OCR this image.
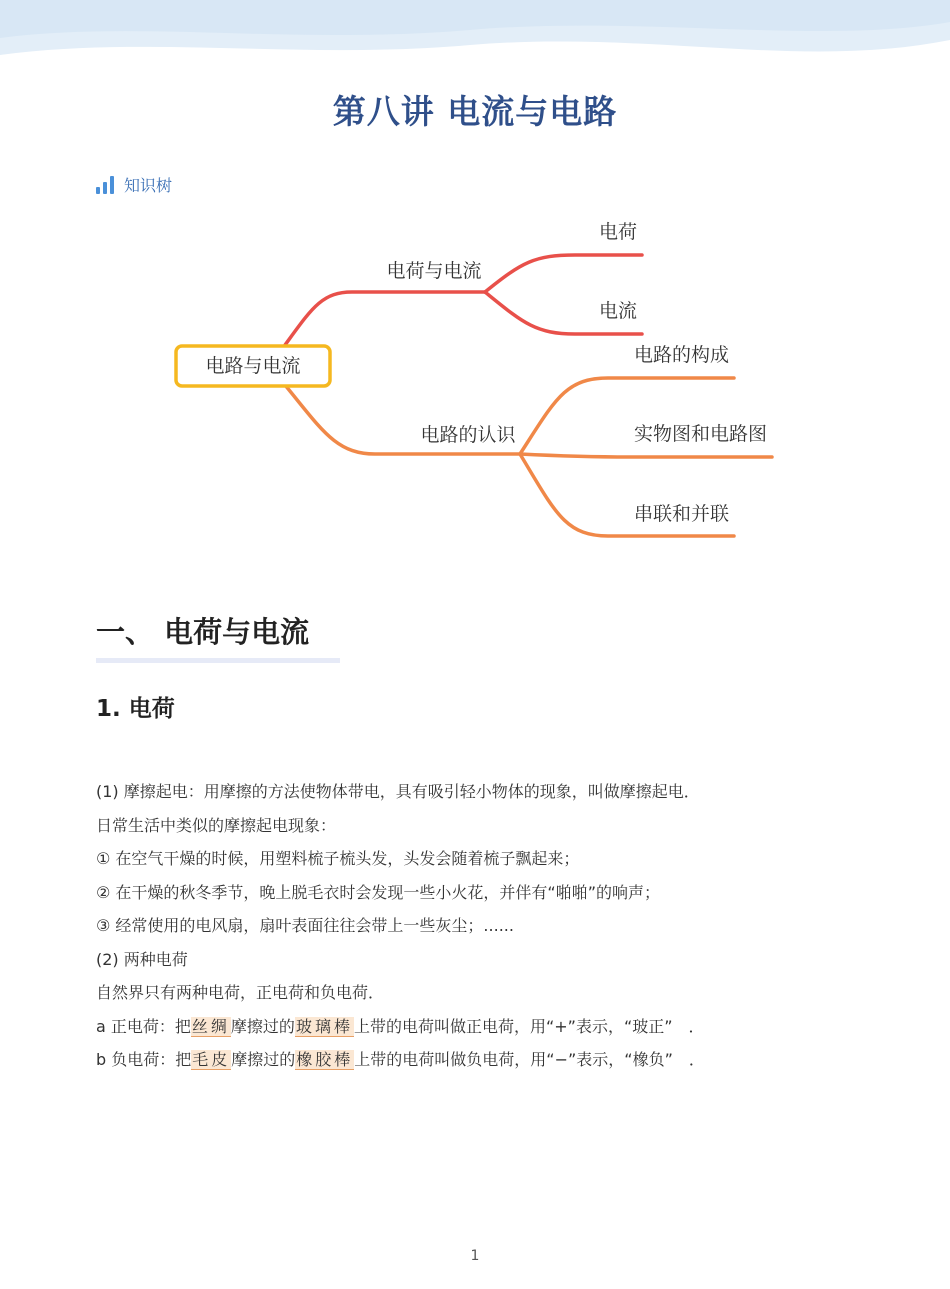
第八讲 电流与电路
知识树
电路与电流
电荷与电流
电荷
电流
电路的认识
电路的构成
实物图和电路图
串联和并联
一、 电荷与电流
1. 电荷
(1) 摩擦起电：用摩擦的方法使物体带电，具有吸引轻小物体的现象，叫做摩擦起电．
日常生活中类似的摩擦起电现象：
① 在空气干燥的时候，用塑料梳子梳头发，头发会随着梳子飘起来；
② 在干燥的秋冬季节，晚上脱毛衣时会发现一些小火花，并伴有“啪啪”的响声；
③ 经常使用的电风扇，扇叶表面往往会带上一些灰尘；......
(2) 两种电荷
自然界只有两种电荷，正电荷和负电荷．
a 正电荷：把丝绸摩擦过的玻璃棒上带的电荷叫做正电荷，用“+”表示，“玻正”　．
b 负电荷：把毛皮摩擦过的橡胶棒上带的电荷叫做负电荷，用“−”表示，“橡负”　．
1
